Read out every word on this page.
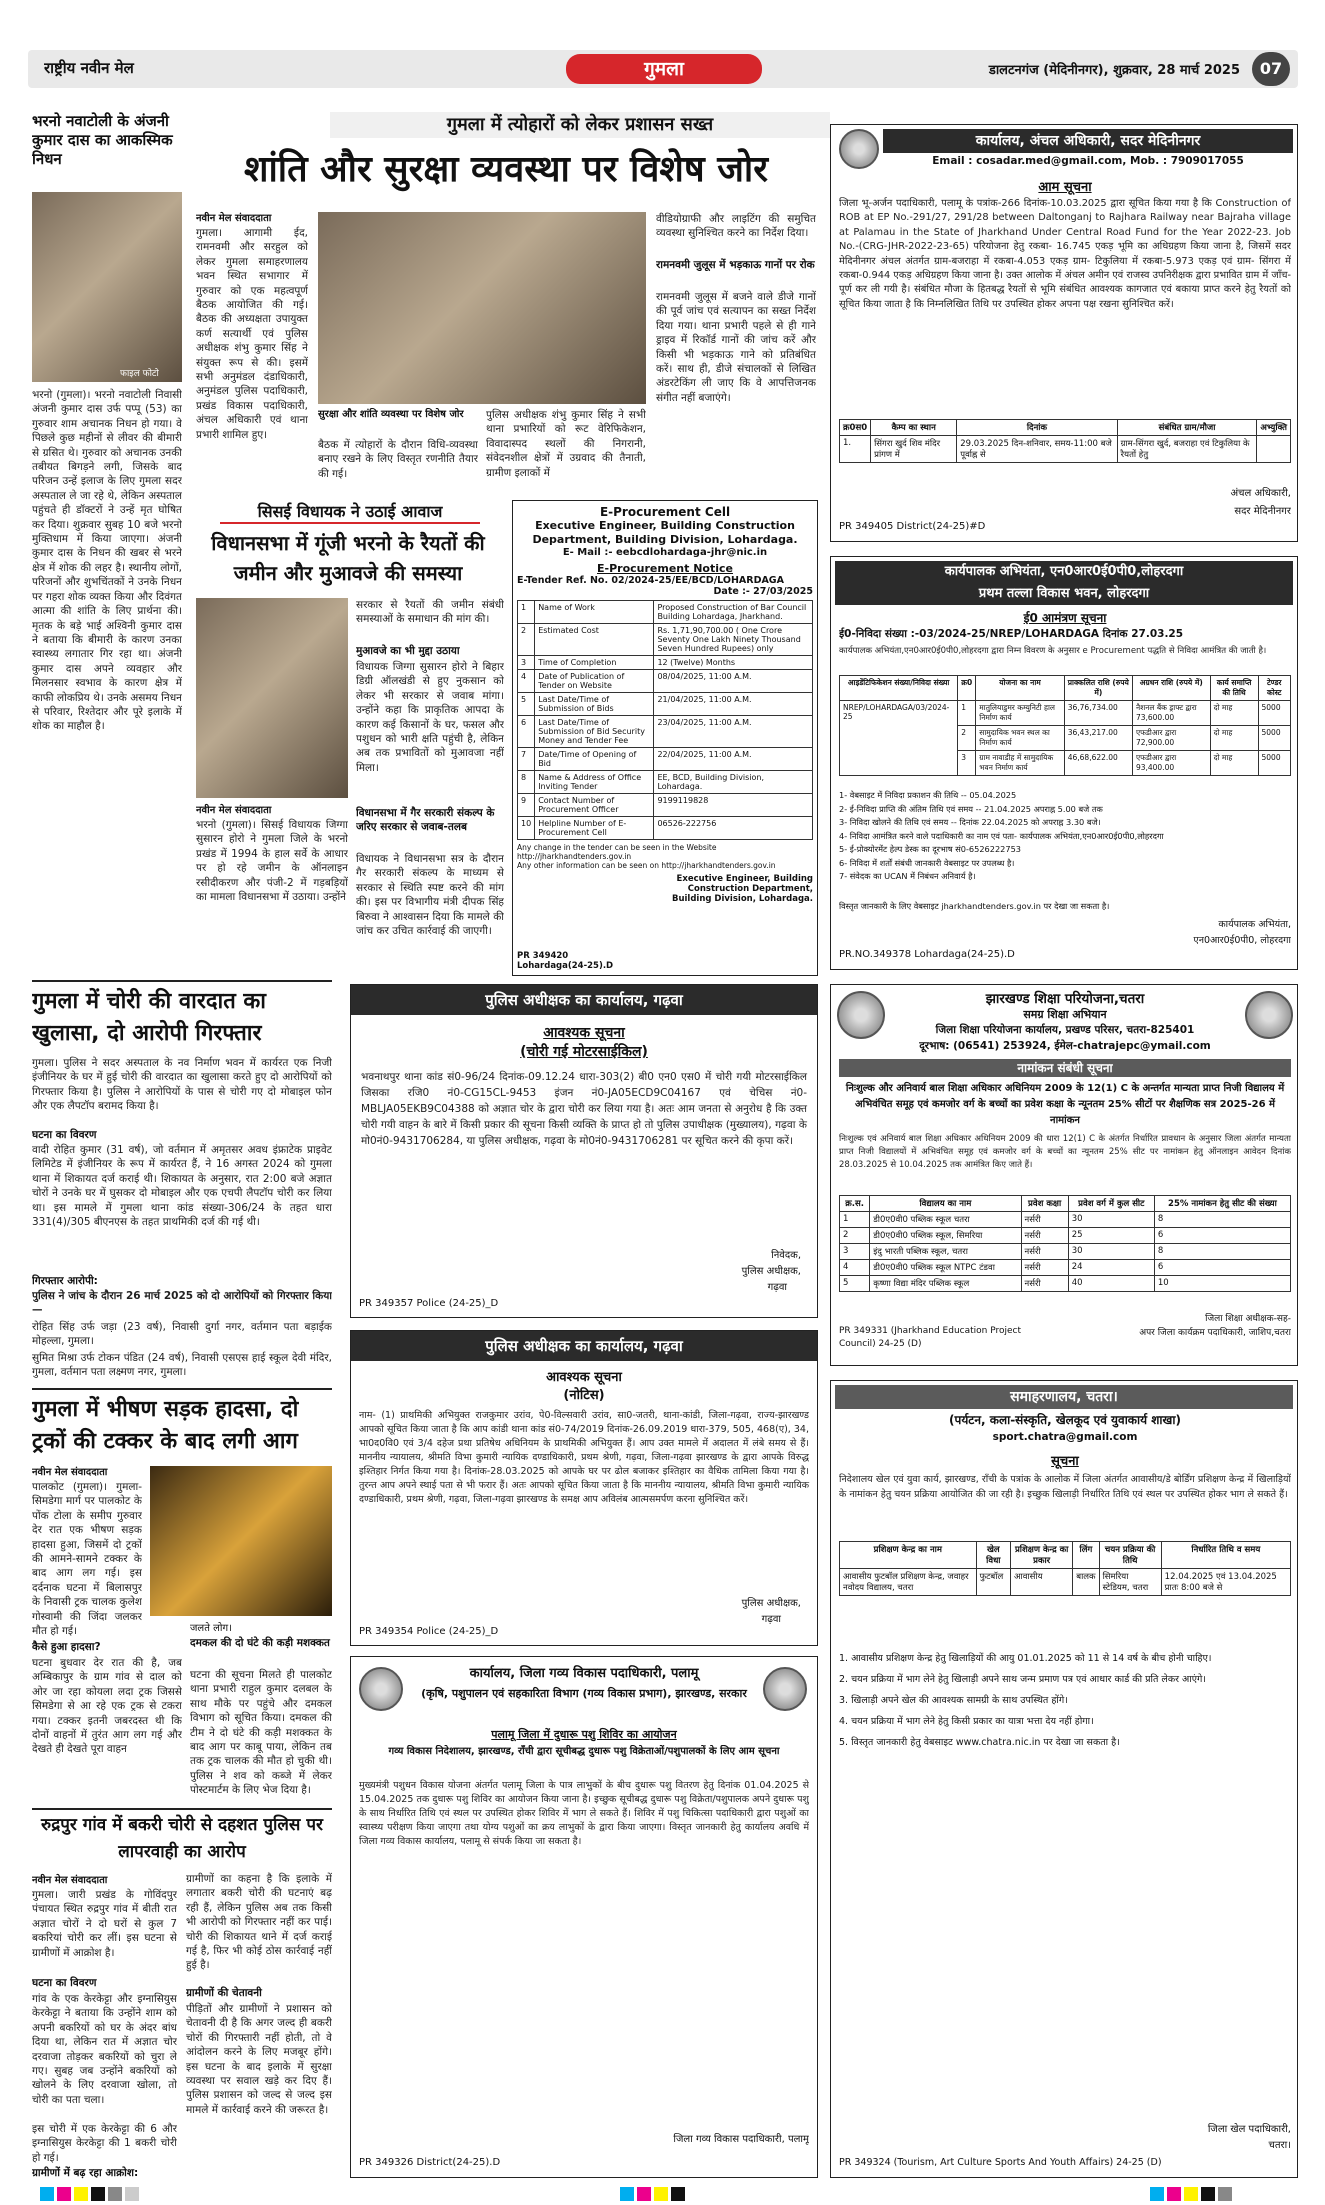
राष्ट्रीय नवीन मेल	गुमला	डालटनगंज (मेदिनीनगर), शुक्रवार, 28 मार्च 2025	07
भरनो नवाटोली के अंजनी कुमार दास का आकस्मिक निधन
फाइल फोटो
भरनो (गुमला)। भरनो नवाटोली निवासी अंजनी कुमार दास उर्फ पप्पू (53) का गुरुवार शाम अचानक निधन हो गया। वे पिछले कुछ महीनों से लीवर की बीमारी से ग्रसित थे। गुरुवार को अचानक उनकी तबीयत बिगड़ने लगी, जिसके बाद परिजन उन्हें इलाज के लिए गुमला सदर अस्पताल ले जा रहे थे, लेकिन अस्पताल पहुंचते ही डॉक्टरों ने उन्हें मृत घोषित कर दिया। शुक्रवार सुबह 10 बजे भरनो मुक्तिधाम में किया जाएगा। अंजनी कुमार दास के निधन की खबर से भरने क्षेत्र में शोक की लहर है। स्थानीय लोगों, परिजनों और शुभचिंतकों ने उनके निधन पर गहरा शोक व्यक्त किया और दिवंगत आत्मा की शांति के लिए प्रार्थना की। मृतक के बड़े भाई अश्विनी कुमार दास ने बताया कि बीमारी के कारण उनका स्वास्थ्य लगातार गिर रहा था। अंजनी कुमार दास अपने व्यवहार और मिलनसार स्वभाव के कारण क्षेत्र में काफी लोकप्रिय थे। उनके असमय निधन से परिवार, रिश्तेदार और पूरे इलाके में शोक का माहौल है।
गुमला में त्योहारों को लेकर प्रशासन सख्त
शांति और सुरक्षा व्यवस्था पर विशेष जोर
नवीन मेल संवाददाता
गुमला। आगामी ईद, रामनवमी और सरहुल को लेकर गुमला समाहरणालय भवन स्थित सभागार में गुरुवार को एक महत्वपूर्ण बैठक आयोजित की गई। बैठक की अध्यक्षता उपायुक्त कर्ण सत्यार्थी एवं पुलिस अधीक्षक शंभु कुमार सिंह ने संयुक्त रूप से की। इसमें सभी अनुमंडल दंडाधिकारी, अनुमंडल पुलिस पदाधिकारी, प्रखंड विकास पदाधिकारी, अंचल अधिकारी एवं थाना प्रभारी शामिल हुए।
सुरक्षा और शांति व्यवस्था पर विशेष जोर
बैठक में त्योहारों के दौरान विधि-व्यवस्था बनाए रखने के लिए विस्तृत रणनीति तैयार की गई।
पुलिस अधीक्षक शंभु कुमार सिंह ने सभी थाना प्रभारियों को रूट वेरिफिकेशन, विवादास्पद स्थलों की निगरानी, संवेदनशील क्षेत्रों में उग्रवाद की तैनाती, ग्रामीण इलाकों में
वीडियोग्राफी और लाइटिंग की समुचित व्यवस्था सुनिश्चित करने का निर्देश दिया।
रामनवमी जुलूस में भड़काऊ गानों पर रोक
रामनवमी जुलूस में बजने वाले डीजे गानों की पूर्व जांच एवं सत्यापन का सख्त निर्देश दिया गया। थाना प्रभारी पहले से ही गाने ड्राइव में रिकॉर्ड गानों की जांच करें और किसी भी भड़काऊ गाने को प्रतिबंधित करें। साथ ही, डीजे संचालकों से लिखित अंडरटेकिंग ली जाए कि वे आपत्तिजनक संगीत नहीं बजाएंगे।
सिसई विधायक ने उठाई आवाज
विधानसभा में गूंजी भरनो के रैयतों की जमीन और मुआवजे की समस्या
नवीन मेल संवाददाता
भरनो (गुमला)। सिसई विधायक जिग्गा सुसारन होरो ने गुमला जिले के भरनो प्रखंड में 1994 के हाल सर्वे के आधार पर हो रहे जमीन के ऑनलाइन रसीदीकरण और पंजी-2 में गड़बड़ियों का मामला विधानसभा में उठाया। उन्होंने
सरकार से रैयतों की जमीन संबंधी समस्याओं के समाधान की मांग की।
मुआवजे का भी मुद्दा उठाया
विधायक जिग्गा सुसारन होरो ने बिहार डिग्री ऑलखंडी से हुए नुकसान को लेकर भी सरकार से जवाब मांगा। उन्होंने कहा कि प्राकृतिक आपदा के कारण कई किसानों के घर, फसल और पशुधन को भारी क्षति पहुंची है, लेकिन अब तक प्रभावितों को मुआवजा नहीं मिला।
विधानसभा में गैर सरकारी संकल्प के जरिए सरकार से जवाब-तलब
विधायक ने विधानसभा सत्र के दौरान गैर सरकारी संकल्प के माध्यम से सरकार से स्थिति स्पष्ट करने की मांग की। इस पर विभागीय मंत्री दीपक सिंह बिरुवा ने आश्वासन दिया कि मामले की जांच कर उचित कार्रवाई की जाएगी।
E-Procurement Cell
Executive Engineer, Building Construction Department, Building Division, Lohardaga.
E- Mail :- eebcdlohardaga-jhr@nic.in
E-Procurement Notice
E-Tender Ref. No. 02/2024-25/EE/BCD/LOHARDAGA
Date :- 27/03/2025
1	Name of Work	Proposed Construction of Bar Council Building Lohardaga, Jharkhand.
2	Estimated Cost	Rs. 1,71,90,700.00 ( One Crore Seventy One Lakh Ninety Thousand Seven Hundred Rupees) only
3	Time of Completion	12 (Twelve) Months
4	Date of Publication of Tender on Website	08/04/2025, 11:00 A.M.
5	Last Date/Time of Submission of Bids	21/04/2025, 11:00 A.M.
6	Last Date/Time of Submission of Bid Security Money and Tender Fee	23/04/2025, 11:00 A.M.
7	Date/Time of Opening of Bid	22/04/2025, 11:00 A.M.
8	Name & Address of Office Inviting Tender	EE, BCD, Building Division, Lohardaga.
9	Contact Number of Procurement Officer	9199119828
10	Helpline Number of E-Procurement Cell	06526-222756
Any change in the tender can be seen in the Website http://jharkhandtenders.gov.in
Any other information can be seen on http://jharkhandtenders.gov.in
Executive Engineer, Building Construction Department, Building Division, Lohardaga.
PR 349420 Lohardaga(24-25).D
गुमला में चोरी की वारदात का खुलासा, दो आरोपी गिरफ्तार
गुमला। पुलिस ने सदर अस्पताल के नव निर्माण भवन में कार्यरत एक निजी इंजीनियर के घर में हुई चोरी की वारदात का खुलासा करते हुए दो आरोपियों को गिरफ्तार किया है। पुलिस ने आरोपियों के पास से चोरी गए दो मोबाइल फोन और एक लैपटॉप बरामद किया है।
घटना का विवरण
वादी रोहित कुमार (31 वर्ष), जो वर्तमान में अमृतसर अवध इंफ्राटेक प्राइवेट लिमिटेड में इंजीनियर के रूप में कार्यरत हैं, ने 16 अगस्त 2024 को गुमला थाना में शिकायत दर्ज कराई थी। शिकायत के अनुसार, रात 2:00 बजे अज्ञात चोरों ने उनके घर में घुसकर दो मोबाइल और एक एचपी लैपटॉप चोरी कर लिया था। इस मामले में गुमला थाना कांड संख्या-306/24 के तहत धारा 331(4)/305 बीएनएस के तहत प्राथमिकी दर्ज की गई थी।
गिरफ्तार आरोपी:
पुलिस ने जांच के दौरान 26 मार्च 2025 को दो आरोपियों को गिरफ्तार किया—
रोहित सिंह उर्फ जड़ा (23 वर्ष), निवासी दुर्गा नगर, वर्तमान पता बड़ाईक मोहल्ला, गुमला।
सुमित मिश्रा उर्फ टोकन पंडित (24 वर्ष), निवासी एसएस हाई स्कूल देवी मंदिर, गुमला, वर्तमान पता लक्ष्मण नगर, गुमला।
पुलिस अधीक्षक का कार्यालय, गढ़वा
आवश्यक सूचना
(चोरी गई मोटरसाईकिल)
भवनाथपुर थाना कांड सं0-96/24 दिनांक-09.12.24 धारा-303(2) बी0 एन0 एस0 में चोरी गयी मोटरसाईकिल जिसका रजि0 नं0-CG15CL-9453 इंजन नं0-JA05ECD9C04167 एवं चेचिस नं0-MBLJA05EKB9C04388 को अज्ञात चोर के द्वारा चोरी कर लिया गया है। अतः आम जनता से अनुरोध है कि उक्त चोरी गयी वाहन के बारे में किसी प्रकार की सूचना किसी व्यक्ति के प्राप्त हो तो पुलिस उपाधीक्षक (मुख्यालय), गढ़वा के मो0नं0-9431706284, या पुलिस अधीक्षक, गढ़वा के मो0नं0-9431706281 पर सूचित करने की कृपा करें।
निवेदक,
पुलिस अधीक्षक,
गढ़वा
PR 349357 Police (24-25)_D
गुमला में भीषण सड़क हादसा, दो ट्रकों की टक्कर के बाद लगी आग
नवीन मेल संवाददाता
पालकोट (गुमला)। गुमला-सिमडेगा मार्ग पर पालकोट के पोंक टोला के समीप गुरुवार देर रात एक भीषण सड़क हादसा हुआ, जिसमें दो ट्रकों की आमने-सामने टक्कर के बाद आग लग गई। इस दर्दनाक घटना में बिलासपुर के निवासी ट्रक चालक कुलेश गोस्वामी की जिंदा जलकर मौत हो गई।
कैसे हुआ हादसा?
घटना बुधवार देर रात की है, जब अम्बिकापुर के ग्राम गांव से दाल को ओर जा रहा कोयला लदा ट्रक जिससे सिमडेगा से आ रहे एक ट्रक से टकरा गया। टक्कर इतनी जबरदस्त थी कि दोनों वाहनों में तुरंत आग लग गई और देखते ही देखते पूरा वाहन
जलते लोग।
दमकल की दो घंटे की कड़ी मशक्कत
घटना की सूचना मिलते ही पालकोट थाना प्रभारी राहुल कुमार दलबल के साथ मौके पर पहुंचे और दमकल विभाग को सूचित किया। दमकल की टीम ने दो घंटे की कड़ी मशक्कत के बाद आग पर काबू पाया, लेकिन तब तक ट्रक चालक की मौत हो चुकी थी। पुलिस ने शव को कब्जे में लेकर पोस्टमार्टम के लिए भेज दिया है।
पुलिस अधीक्षक का कार्यालय, गढ़वा
आवश्यक सूचना
(नोटिस)
नाम- (1) प्राथमिकी अभियुक्त राजकुमार उरांव, पे0-विल्सवारी उरांव, सा0-जतरी, थाना-कांडी, जिला-गढ़वा, राज्य-झारखण्ड आपको सूचित किया जाता है कि आप कांडी थाना कांड सं0-74/2019 दिनांक-26.09.2019 धारा-379, 505, 468(ए), 34, भा0द0वि0 एवं 3/4 दहेज प्रथा प्रतिषेध अधिनियम के प्राथमिकी अभियुक्त हैं। आप उक्त मामले में अदालत में लंबे समय से हैं। माननीय न्यायालय, श्रीमति विभा कुमारी न्यायिक दण्डाधिकारी, प्रथम श्रेणी, गढ़वा, जिला-गढ़वा झारखण्ड के द्वारा आपके विरुद्ध इश्तिहार निर्गत किया गया है। दिनांक-28.03.2025 को आपके घर पर ढोल बजाकर इश्तिहार का वैधिक तामिला किया गया है। तुरन्त आप अपने स्थाई पता से भी फरार हैं। अतः आपको सूचित किया जाता है कि माननीय न्यायालय, श्रीमति विभा कुमारी न्यायिक दण्डाधिकारी, प्रथम श्रेणी, गढ़वा, जिला-गढ़वा झारखण्ड के समक्ष आप अविलंब आत्मसमर्पण करना सुनिश्चित करें।
पुलिस अधीक्षक,
गढ़वा
PR 349354 Police (24-25)_D
रुद्रपुर गांव में बकरी चोरी से दहशत पुलिस पर लापरवाही का आरोप
नवीन मेल संवाददाता
गुमला। जारी प्रखंड के गोविंदपुर पंचायत स्थित रुद्रपुर गांव में बीती रात अज्ञात चोरों ने दो घरों से कुल 7 बकरियां चोरी कर लीं। इस घटना से ग्रामीणों में आक्रोश है।
घटना का विवरण
गांव के एक केरकेट्टा और इग्नासियुस केरकेट्टा ने बताया कि उन्होंने शाम को अपनी बकरियों को घर के अंदर बांध दिया था, लेकिन रात में अज्ञात चोर दरवाजा तोड़कर बकरियों को चुरा ले गए। सुबह जब उन्होंने बकरियों को खोलने के लिए दरवाजा खोला, तो चोरी का पता चला।
इस चोरी में एक केरकेट्टा की 6 और इग्नासियुस केरकेट्टा की 1 बकरी चोरी हो गई।
ग्रामीणों में बढ़ रहा आक्रोश:
ग्रामीणों का कहना है कि इलाके में लगातार बकरी चोरी की घटनाएं बढ़ रही हैं, लेकिन पुलिस अब तक किसी भी आरोपी को गिरफ्तार नहीं कर पाई। चोरी की शिकायत थाने में दर्ज कराई गई है, फिर भी कोई ठोस कार्रवाई नहीं हुई है।
ग्रामीणों की चेतावनी
पीड़ितों और ग्रामीणों ने प्रशासन को चेतावनी दी है कि अगर जल्द ही बकरी चोरों की गिरफ्तारी नहीं होती, तो वे आंदोलन करने के लिए मजबूर होंगे। इस घटना के बाद इलाके में सुरक्षा व्यवस्था पर सवाल खड़े कर दिए हैं। पुलिस प्रशासन को जल्द से जल्द इस मामले में कार्रवाई करने की जरूरत है।
कार्यालय, जिला गव्य विकास पदाधिकारी, पलामू
(कृषि, पशुपालन एवं सहकारिता विभाग (गव्य विकास प्रभाग), झारखण्ड, सरकार
पलामू जिला में दुधारू पशु शिविर का आयोजन
गव्य विकास निदेशालय, झारखण्ड, राँची द्वारा सूचीबद्ध दुधारू पशु विक्रेताओं/पशुपालकों के लिए आम सूचना
मुख्यमंत्री पशुधन विकास योजना अंतर्गत पलामू जिला के पात्र लाभुकों के बीच दुधारू पशु वितरण हेतु दिनांक 01.04.2025 से 15.04.2025 तक दुधारू पशु शिविर का आयोजन किया जाना है। इच्छुक सूचीबद्ध दुधारू पशु विक्रेता/पशुपालक अपने दुधारू पशु के साथ निर्धारित तिथि एवं स्थल पर उपस्थित होकर शिविर में भाग ले सकते हैं। शिविर में पशु चिकित्सा पदाधिकारी द्वारा पशुओं का स्वास्थ्य परीक्षण किया जाएगा तथा योग्य पशुओं का क्रय लाभुकों के द्वारा किया जाएगा। विस्तृत जानकारी हेतु कार्यालय अवधि में जिला गव्य विकास कार्यालय, पलामू से संपर्क किया जा सकता है।
जिला गव्य विकास पदाधिकारी, पलामू
PR 349326 District(24-25).D
कार्यालय, अंचल अधिकारी, सदर मेदिनीनगर
Email : cosadar.med@gmail.com, Mob. : 7909017055
आम सूचना
जिला भू-अर्जन पदाधिकारी, पलामू के पत्रांक-266 दिनांक-10.03.2025 द्वारा सूचित किया गया है कि Construction of ROB at EP No.-291/27, 291/28 between Daltonganj to Rajhara Railway near Bajraha village at Palamau in the State of Jharkhand Under Central Road Fund for the Year 2022-23. Job No.-(CRG-JHR-2022-23-65) परियोजना हेतु रकबा- 16.745 एकड़ भूमि का अधिग्रहण किया जाना है, जिसमें सदर मेदिनीनगर अंचल अंतर्गत ग्राम-बजराहा में रकबा-4.053 एकड़ ग्राम- टिकुलिया में रकबा-5.973 एकड़ एवं ग्राम- सिंगरा में रकबा-0.944 एकड़ अधिग्रहण किया जाना है। उक्त आलोक में अंचल अमीन एवं राजस्व उपनिरीक्षक द्वारा प्रभावित ग्राम में जाँच-पूर्ण कर ली गयी है। संबंधित मौजा के हितबद्ध रैयतों से भूमि संबंधित आवश्यक कागजात एवं बकाया प्राप्त करने हेतु रैयतों को सूचित किया जाता है कि निम्नलिखित तिथि पर उपस्थित होकर अपना पक्ष रखना सुनिश्चित करें।
क्र0स0	कैम्प का स्थान	दिनांक	संबंधित ग्राम/मौजा	अभ्युक्ति
1.	सिंगरा खुर्द शिव मंदिर प्रांगण में	29.03.2025 दिन-शनिवार, समय-11:00 बजे पूर्वाह्न से	ग्राम-सिंगरा खुर्द, बजराहा एवं टिकुलिया के रैयतों हेतु	
अंचल अधिकारी,
सदर मेदिनीनगर
PR 349405 District(24-25)#D
कार्यपालक अभियंता, एन0आर0ई0पी0,लोहरदगा
प्रथम तल्ला विकास भवन, लोहरदगा
ई0 आमंत्रण सूचना
ई0-निविदा संख्या :-03/2024-25/NREP/LOHARDAGA दिनांक 27.03.25
कार्यपालक अभियंता,एन0आर0ई0पी0,लोहरदगा द्वारा निम्न विवरण के अनुसार e Procurement पद्धति से निविदा आमंत्रित की जाती है।
आइडेंटिफिकेशन संख्या/निविदा संख्या	क्र0	योजना का नाम	प्राक्कलित राशि (रुपये में)	अग्रधन राशि (रुपये में)	कार्य समाप्ति की तिथि	टेण्डर कोस्ट
NREP/LOHARDAGA/03/2024-25	1	मातुलियाडुमर कम्युनिटी हाल निर्माण कार्य	36,76,734.00	नैशनल बैंक ड्राफ्ट द्वारा 73,600.00	दो माह	5000
	2	सामुदायिक भवन स्थल का निर्माण कार्य	36,43,217.00	एफडीआर द्वारा 72,900.00	दो माह	5000
	3	ग्राम नावाडीह में सामुदायिक भवन निर्माण कार्य	46,68,622.00	एफडीआर द्वारा 93,400.00	दो माह	5000
1- वेबसाइट में निविदा प्रकाशन की तिथि -- 05.04.2025
2- ई-निविदा प्राप्ति की अंतिम तिथि एवं समय -- 21.04.2025 अपराह्न 5.00 बजे तक
3- निविदा खोलने की तिथि एवं समय -- दिनांक 22.04.2025 को अपराह्न 3.30 बजे।
4- निविदा आमंत्रित करने वाले पदाधिकारी का नाम एवं पता- कार्यपालक अभियंता,एन0आर0ई0पी0,लोहरदगा
5- ई-प्रोक्योरमेंट हेल्प डेस्क का दूरभाष सं0-6526222753
6- निविदा में शर्तों संबंधी जानकारी वेबसाइट पर उपलब्ध है।
7- संवेदक का UCAN में निबंधन अनिवार्य है।
विस्तृत जानकारी के लिए वेबसाइट jharkhandtenders.gov.in पर देखा जा सकता है।
कार्यपालक अभियंता,
एन0आर0ई0पी0, लोहरदगा
PR.NO.349378 Lohardaga(24-25).D
झारखण्ड शिक्षा परियोजना,चतरा
समग्र शिक्षा अभियान
जिला शिक्षा परियोजना कार्यालय, प्रखण्ड परिसर, चतरा-825401
दूरभाष: (06541) 253924, ईमेल-chatrajepc@ymail.com
नामांकन संबंधी सूचना
निःशुल्क और अनिवार्य बाल शिक्षा अधिकार अधिनियम 2009 के 12(1) C के अन्तर्गत मान्यता प्राप्त निजी विद्यालय में अभिवंचित समूह एवं कमजोर वर्ग के बच्चों का प्रवेश कक्षा के न्यूनतम 25% सीटों पर शैक्षणिक सत्र 2025-26 में नामांकन
निःशुल्क एवं अनिवार्य बाल शिक्षा अधिकार अधिनियम 2009 की धारा 12(1) C के अंतर्गत निर्धारित प्रावधान के अनुसार जिला अंतर्गत मान्यता प्राप्त निजी विद्यालयों में अभिवंचित समूह एवं कमजोर वर्ग के बच्चों का न्यूनतम 25% सीट पर नामांकन हेतु ऑनलाइन आवेदन दिनांक 28.03.2025 से 10.04.2025 तक आमंत्रित किए जाते हैं।
क्र.स.	विद्यालय का नाम	प्रवेश कक्षा	प्रवेश वर्ग में कुल सीट	25% नामांकन हेतु सीट की संख्या
1	डी0ए0वी0 पब्लिक स्कूल चतरा	नर्सरी	30	8
2	डी0ए0वी0 पब्लिक स्कूल, सिमरिया	नर्सरी	25	6
3	इंदु भारती पब्लिक स्कूल, चतरा	नर्सरी	30	8
4	डी0ए0वी0 पब्लिक स्कूल NTPC टंडवा	नर्सरी	24	6
5	कृष्णा विद्या मंदिर पब्लिक स्कूल	नर्सरी	40	10
जिला शिक्षा अधीक्षक-सह-
अपर जिला कार्यक्रम पदाधिकारी, जाशिप,चतरा
PR 349331 (Jharkhand Education Project Council) 24-25 (D)
समाहरणालय, चतरा।
(पर्यटन, कला-संस्कृति, खेलकूद एवं युवाकार्य शाखा)
sport.chatra@gmail.com
सूचना
निदेशालय खेल एवं युवा कार्य, झारखण्ड, राँची के पत्रांक के आलोक में जिला अंतर्गत आवासीय/डे बोर्डिंग प्रशिक्षण केन्द्र में खिलाड़ियों के नामांकन हेतु चयन प्रक्रिया आयोजित की जा रही है। इच्छुक खिलाड़ी निर्धारित तिथि एवं स्थल पर उपस्थित होकर भाग ले सकते हैं।
प्रशिक्षण केन्द्र का नाम	खेल विधा	प्रशिक्षण केन्द्र का प्रकार	लिंग	चयन प्रक्रिया की तिथि	निर्धारित तिथि व समय
आवासीय फुटबॉल प्रशिक्षण केन्द्र, जवाहर नवोदय विद्यालय, चतरा	फुटबॉल	आवासीय	बालक	सिमरिया स्टेडियम, चतरा	12.04.2025 एवं 13.04.2025 प्रातः 8:00 बजे से
1. आवासीय प्रशिक्षण केन्द्र हेतु खिलाड़ियों की आयु 01.01.2025 को 11 से 14 वर्ष के बीच होनी चाहिए।
2. चयन प्रक्रिया में भाग लेने हेतु खिलाड़ी अपने साथ जन्म प्रमाण पत्र एवं आधार कार्ड की प्रति लेकर आएंगे।
3. खिलाड़ी अपने खेल की आवश्यक सामग्री के साथ उपस्थित होंगे।
4. चयन प्रक्रिया में भाग लेने हेतु किसी प्रकार का यात्रा भत्ता देय नहीं होगा।
5. विस्तृत जानकारी हेतु वेबसाइट www.chatra.nic.in पर देखा जा सकता है।
जिला खेल पदाधिकारी,
चतरा।
PR 349324 (Tourism, Art Culture Sports And Youth Affairs) 24-25 (D)
